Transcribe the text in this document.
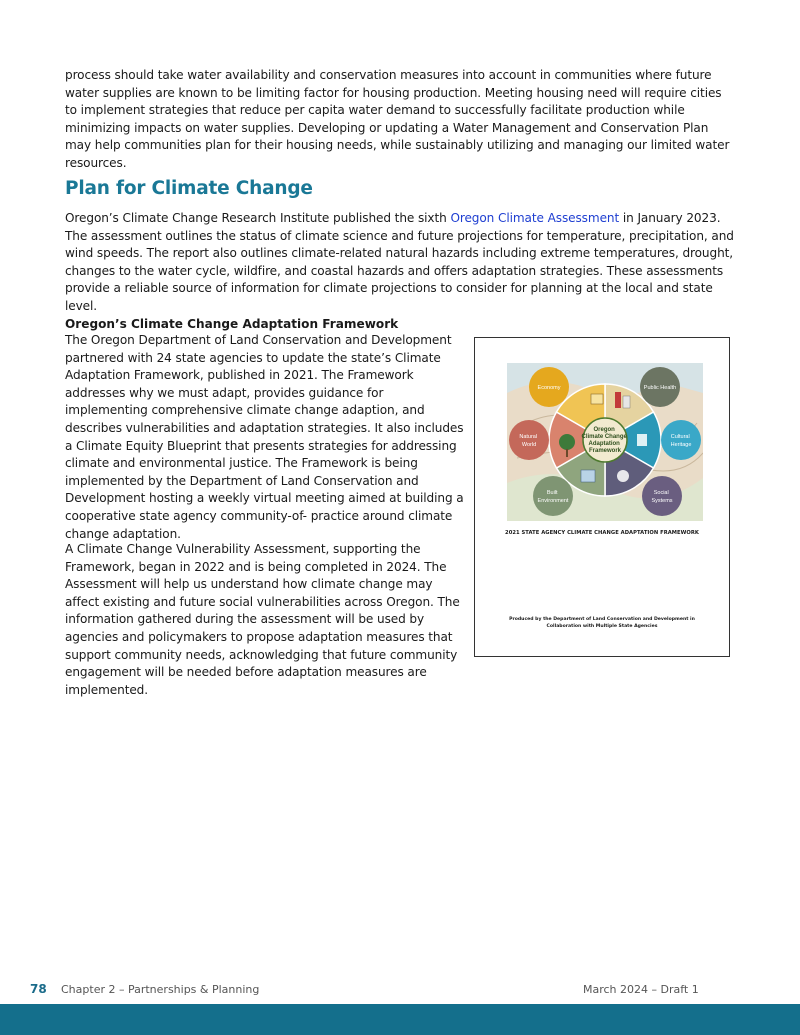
process should take water availability and conservation measures into account in communities where future water supplies are known to be limiting factor for housing production. Meeting housing need will require cities to implement strategies that reduce per capita water demand to successfully facilitate production while minimizing impacts on water supplies. Developing or updating a Water Management and Conservation Plan may help communities plan for their housing needs, while sustainably utilizing and managing our limited water resources.

Plan for Climate Change

Oregon’s Climate Change Research Institute published the sixth Oregon Climate Assessment in January 2023. The assessment outlines the status of climate science and future projections for temperature, precipitation, and wind speeds. The report also outlines climate-related natural hazards including extreme temperatures, drought, changes to the water cycle, wildfire, and coastal hazards and offers adaptation strategies. These assessments provide a reliable source of information for climate projections to consider for planning at the local and state level.

Oregon’s Climate Change Adaptation Framework

The Oregon Department of Land Conservation and Development partnered with 24 state agencies to update the state’s Climate Adaptation Framework, published in 2021. The Framework addresses why we must adapt, provides guidance for implementing comprehensive climate change adaption, and describes vulnerabilities and adaptation strategies. It also includes a Climate Equity Blueprint that presents strategies for addressing climate and environmental justice. The Framework is being implemented by the Department of Land Conservation and Development hosting a weekly virtual meeting aimed at building a cooperative state agency community-of- practice around climate change adaptation.

A Climate Change Vulnerability Assessment, supporting the Framework, began in 2022 and is being completed in 2024. The Assessment will help us understand how climate change may affect existing and future social vulnerabilities across Oregon. The information gathered during the assessment will be used by agencies and policymakers to propose adaptation measures that support community needs, acknowledging that future community engagement will be needed before adaptation measures are implemented.

Oregon Climate Change Adaptation Framework
Economy	Public Health
Natural World
Cultural Heritage
Built Environment
Social Systems

2021 STATE AGENCY CLIMATE CHANGE ADAPTATION FRAMEWORK

Produced by the Department of Land Conservation and Development in Collaboration with Multiple State Agencies

78 Chapter 2 – Partnerships & Planning	March 2024 – Draft 1
